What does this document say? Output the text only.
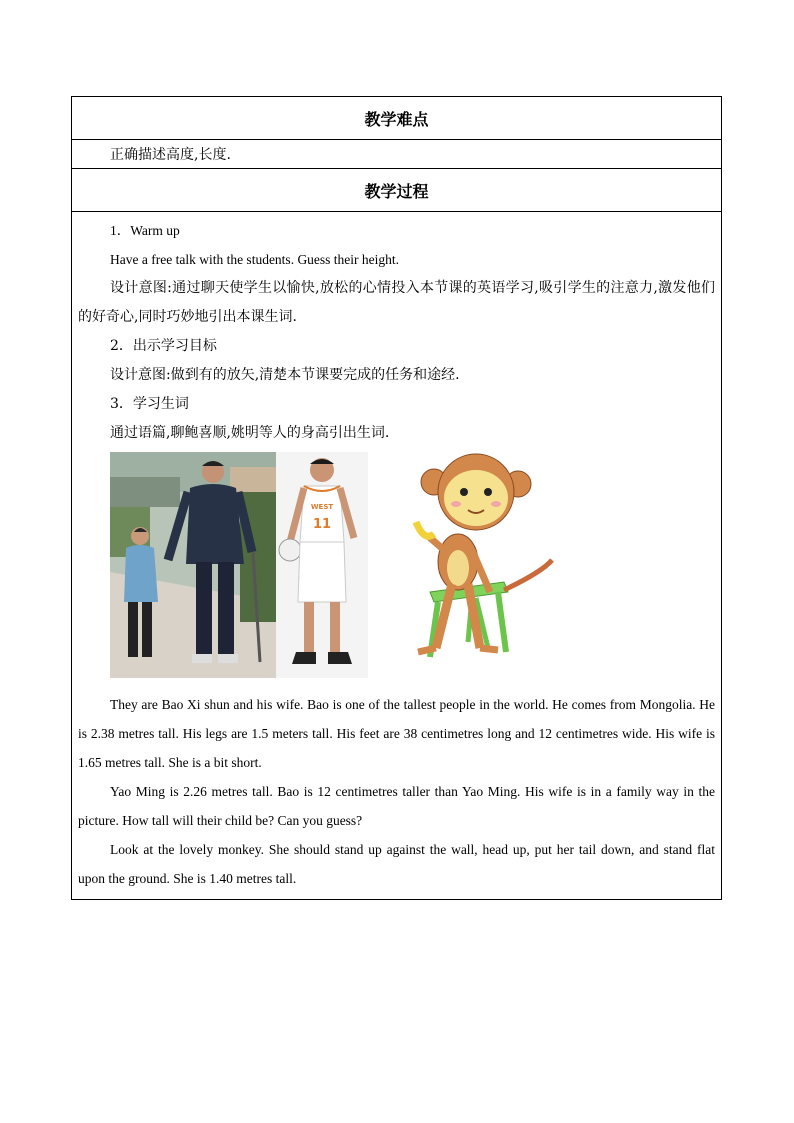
教学难点
正确描述高度,长度.
教学过程

1．Warm up

Have a free talk with the students. Guess their height.

设计意图:通过聊天使学生以愉快,放松的心情投入本节课的英语学习,吸引学生的注意力,激发他们的好奇心,同时巧妙地引出本课生词.

2．出示学习目标

设计意图:做到有的放矢,清楚本节课要完成的任务和途经.

3．学习生词

通过语篇,聊鲍喜顺,姚明等人的身高引出生词.

WEST
11

They are Bao Xi shun and his wife. Bao is one of the tallest people in the world. He comes from Mongolia. He is 2.38 metres tall. His legs are 1.5 meters tall. His feet are 38 centimetres long and 12 centimetres wide. His wife is 1.65 metres tall. She is a bit short.

Yao Ming is 2.26 metres tall. Bao is 12 centimetres taller than Yao Ming. His wife is in a family way in the picture. How tall will their child be? Can you guess?

Look at the lovely monkey. She should stand up against the wall, head up, put her tail down, and stand flat upon the ground. She is 1.40 metres tall.
